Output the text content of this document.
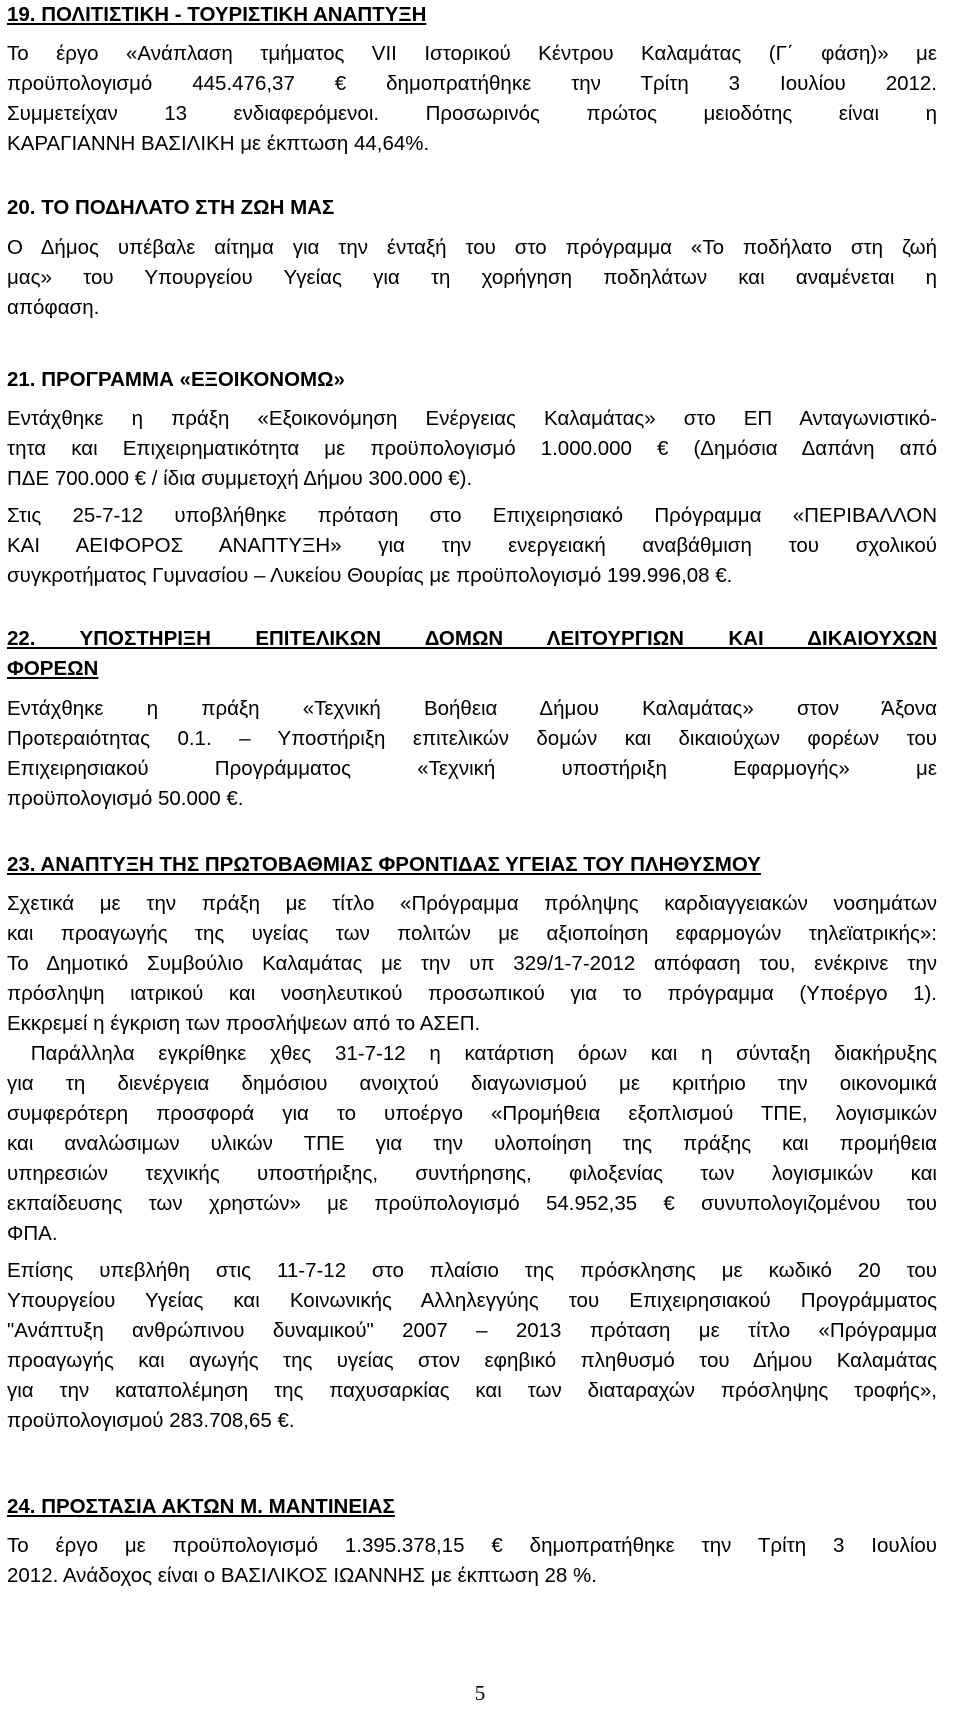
19. ΠΟΛΙΤΙΣΤΙΚΗ - ΤΟΥΡΙΣΤΙΚΗ ΑΝΑΠΤΥΞΗ
Το έργο «Ανάπλαση τμήματος VII Ιστορικού Κέντρου Καλαμάτας (Γ΄ φάση)» με
προϋπολογισμό 445.476,37 € δημοπρατήθηκε την Τρίτη 3 Ιουλίου 2012.
Συμμετείχαν 13 ενδιαφερόμενοι. Προσωρινός πρώτος μειοδότης είναι η
ΚΑΡΑΓΙΑΝΝΗ ΒΑΣΙΛΙΚΗ με έκπτωση 44,64%.
20. ΤΟ ΠΟΔΗΛΑΤΟ ΣΤΗ ΖΩΗ ΜΑΣ
Ο Δήμος υπέβαλε αίτημα για την ένταξή του στο πρόγραμμα «Το ποδήλατο στη ζωή
μας» του Υπουργείου Υγείας για τη χορήγηση ποδηλάτων και αναμένεται η
απόφαση.
21. ΠΡΟΓΡΑΜΜΑ «ΕΞΟΙΚΟΝΟΜΩ»
Εντάχθηκε η πράξη «Εξοικονόμηση Ενέργειας Καλαμάτας» στο ΕΠ Ανταγωνιστικό-
τητα και Επιχειρηματικότητα με προϋπολογισμό 1.000.000 € (Δημόσια Δαπάνη από
ΠΔΕ 700.000 € / ίδια συμμετοχή Δήμου 300.000 €).
Στις 25-7-12 υποβλήθηκε πρόταση στο Επιχειρησιακό Πρόγραμμα «ΠΕΡΙΒΑΛΛΟΝ
ΚΑΙ ΑΕΙΦΟΡΟΣ ΑΝΑΠΤΥΞΗ» για την ενεργειακή αναβάθμιση του σχολικού
συγκροτήματος Γυμνασίου – Λυκείου Θουρίας με προϋπολογισμό 199.996,08 €.
22. ΥΠΟΣΤΗΡΙΞΗ ΕΠΙΤΕΛΙΚΩΝ ΔΟΜΩΝ ΛΕΙΤΟΥΡΓΙΩΝ ΚΑΙ ΔΙΚΑΙΟΥΧΩΝ
ΦΟΡΕΩΝ
Εντάχθηκε η πράξη «Τεχνική Βοήθεια Δήμου Καλαμάτας» στον Άξονα
Προτεραιότητας 0.1. – Υποστήριξη επιτελικών δομών και δικαιούχων φορέων του
Επιχειρησιακού Προγράμματος «Τεχνική υποστήριξη Εφαρμογής» με
προϋπολογισμό 50.000 €.
23. ΑΝΑΠΤΥΞΗ ΤΗΣ ΠΡΩΤΟΒΑΘΜΙΑΣ ΦΡΟΝΤΙΔΑΣ ΥΓΕΙΑΣ ΤΟΥ ΠΛΗΘΥΣΜΟΥ
Σχετικά με την πράξη με τίτλο «Πρόγραμμα πρόληψης καρδιαγγειακών νοσημάτων
και προαγωγής της υγείας των πολιτών με αξιοποίηση εφαρμογών τηλεϊατρικής»:
Το Δημοτικό Συμβούλιο Καλαμάτας με την υπ 329/1-7-2012 απόφαση του, ενέκρινε την
πρόσληψη ιατρικού και νοσηλευτικού προσωπικού για το πρόγραμμα (Υποέργο 1).
Εκκρεμεί η έγκριση των προσλήψεων από το ΑΣΕΠ.
Παράλληλα εγκρίθηκε χθες 31-7-12 η κατάρτιση όρων και η σύνταξη διακήρυξης
για τη διενέργεια δημόσιου ανοιχτού διαγωνισμού με κριτήριο την οικονομικά
συμφερότερη προσφορά για το υποέργο «Προμήθεια εξοπλισμού ΤΠΕ, λογισμικών
και αναλώσιμων υλικών ΤΠΕ για την υλοποίηση της πράξης και προμήθεια
υπηρεσιών τεχνικής υποστήριξης, συντήρησης, φιλοξενίας των λογισμικών και
εκπαίδευσης των χρηστών» με προϋπολογισμό 54.952,35 € συνυπολογιζομένου του
ΦΠΑ.
Επίσης υπεβλήθη στις 11-7-12 στο πλαίσιο της πρόσκλησης με κωδικό 20 του
Υπουργείου Υγείας και Κοινωνικής Αλληλεγγύης του Επιχειρησιακού Προγράμματος
"Ανάπτυξη ανθρώπινου δυναμικού" 2007 – 2013 πρόταση με τίτλο «Πρόγραμμα
προαγωγής και αγωγής της υγείας στον εφηβικό πληθυσμό του Δήμου Καλαμάτας
για την καταπολέμηση της παχυσαρκίας και των διαταραχών πρόσληψης τροφής»,
προϋπολογισμού 283.708,65 €.
24. ΠΡΟΣΤΑΣΙΑ ΑΚΤΩΝ Μ. ΜΑΝΤΙΝΕΙΑΣ
Το έργο με προϋπολογισμό 1.395.378,15 € δημοπρατήθηκε την Τρίτη 3 Ιουλίου
2012. Ανάδοχος είναι ο ΒΑΣΙΛΙΚΟΣ ΙΩΑΝΝΗΣ με έκπτωση 28 %.
5
